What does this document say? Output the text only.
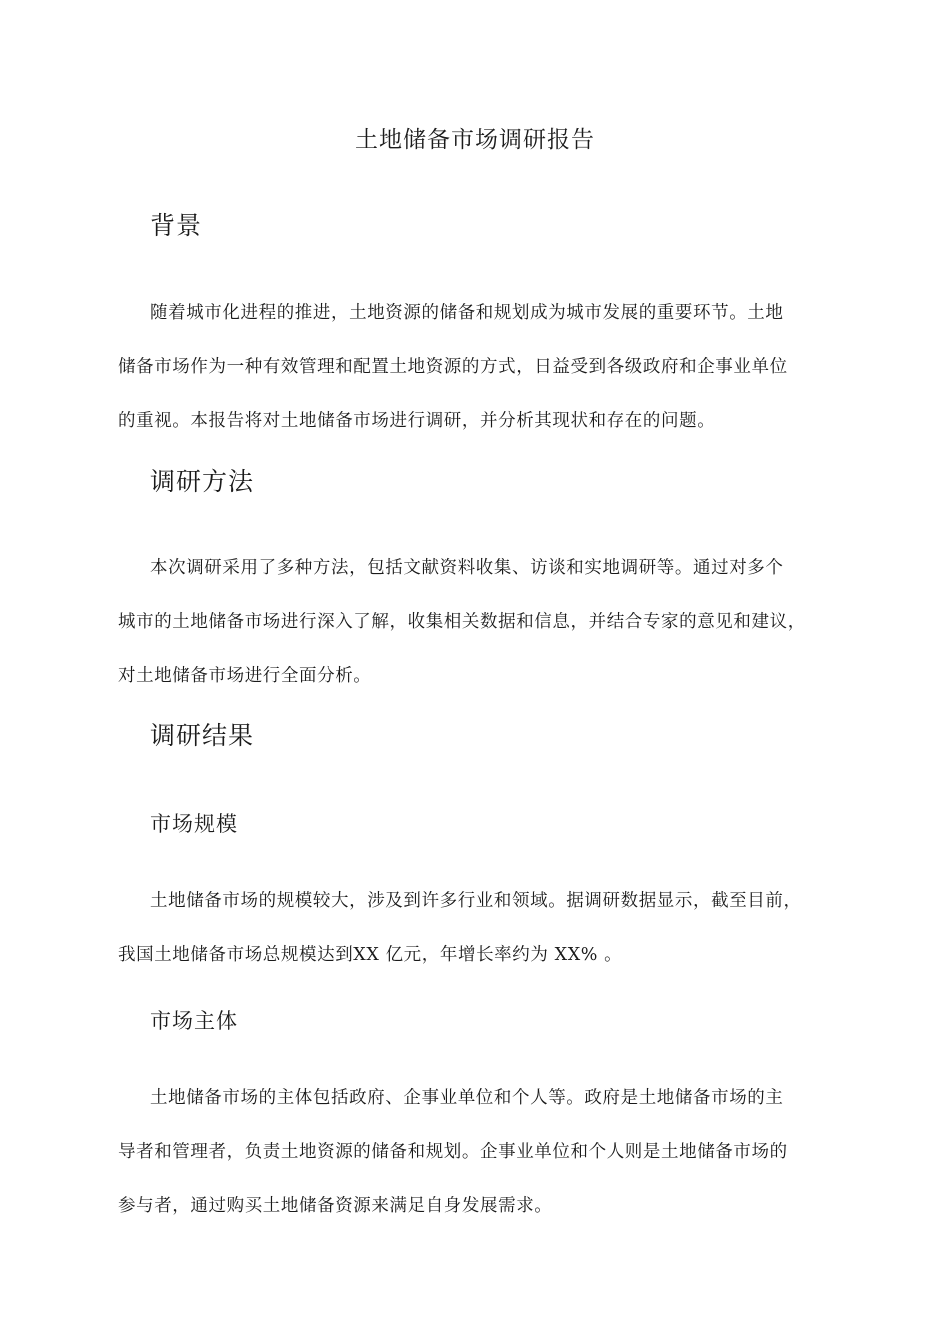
土地储备市场调研报告
背景
随着城市化进程的推进，土地资源的储备和规划成为城市发展的重要环节。土地
储备市场作为一种有效管理和配置土地资源的方式，日益受到各级政府和企事业单位
的重视。本报告将对土地储备市场进行调研，并分析其现状和存在的问题。
调研方法
本次调研采用了多种方法，包括文献资料收集、访谈和实地调研等。通过对多个
城市的土地储备市场进行深入了解，收集相关数据和信息，并结合专家的意见和建议，
对土地储备市场进行全面分析。
调研结果
市场规模
土地储备市场的规模较大，涉及到许多行业和领域。据调研数据显示，截至目前，
我国土地储备市场总规模达到XX 亿元，年增长率约为 XX% 。
市场主体
土地储备市场的主体包括政府、企事业单位和个人等。政府是土地储备市场的主
导者和管理者，负责土地资源的储备和规划。企事业单位和个人则是土地储备市场的
参与者，通过购买土地储备资源来满足自身发展需求。
